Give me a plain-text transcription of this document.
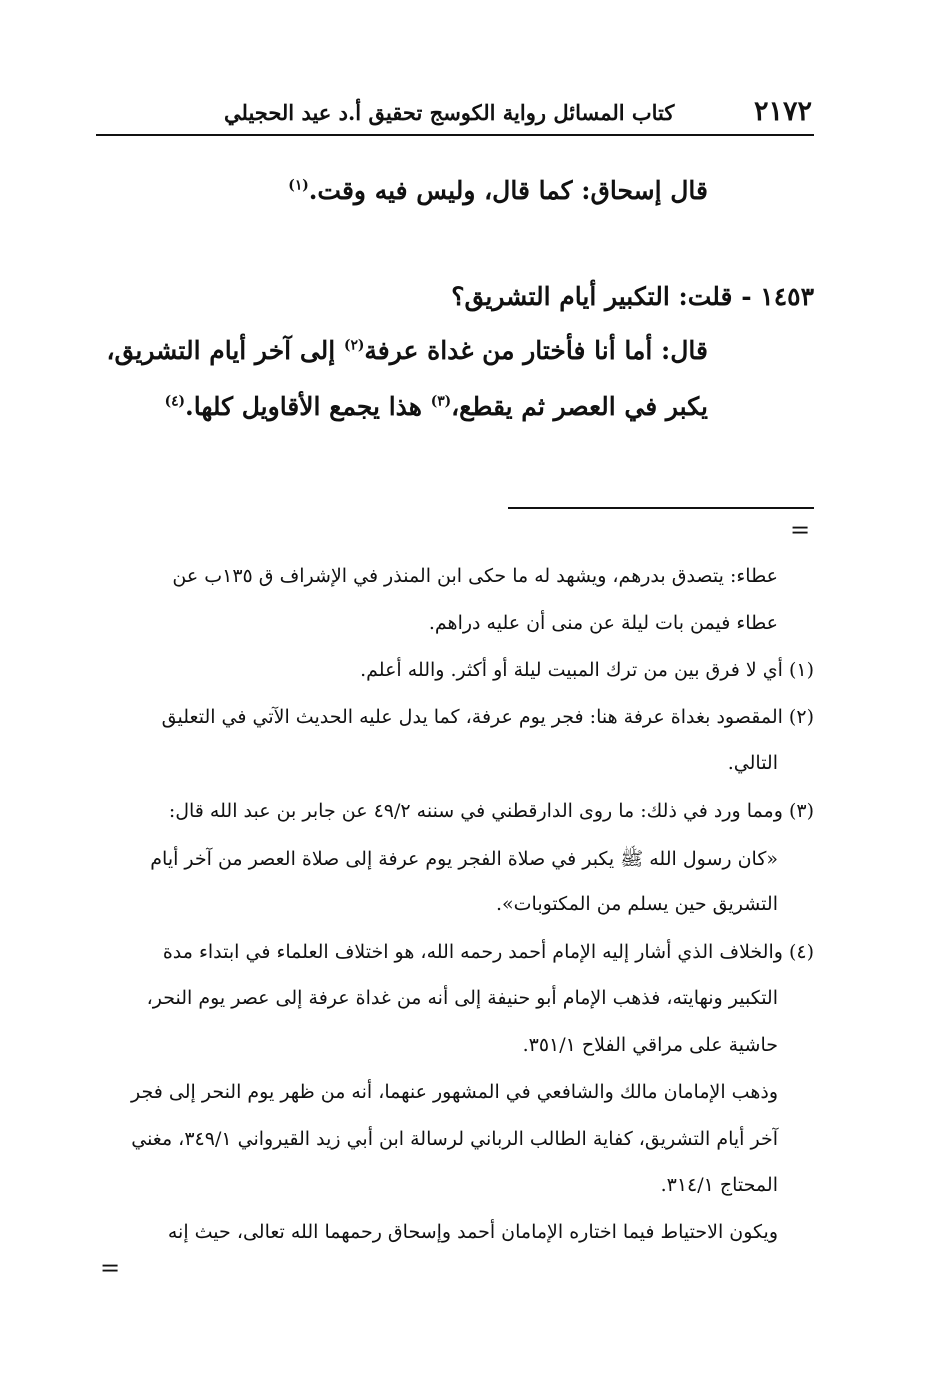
٢١٧٢
كتاب المسائل رواية الكوسج تحقيق أ.د عيد الحجيلي
قال إسحاق: كما قال، وليس فيه وقت.$^{(١)}$
١٤٥٣ - قلت: التكبير أيام التشريق؟
قال: أما أنا فأختار من غداة عرفة$^{(٢)}$ إلى آخر أيام التشريق،
يكبر في العصر ثم يقطع،$^{(٣)}$ هذا يجمع الأقاويل كلها.$^{(٤)}$
=
عطاء: يتصدق بدرهم، ويشهد له ما حكى ابن المنذر في الإشراف ق ١٣٥ب عن
عطاء فيمن بات ليلة عن منى أن عليه دراهم.
(١) أي لا فرق بين من ترك المبيت ليلة أو أكثر. والله أعلم.
(٢) المقصود بغداة عرفة هنا: فجر يوم عرفة، كما يدل عليه الحديث الآتي في التعليق
التالي.
(٣) ومما ورد في ذلك: ما روى الدارقطني في سننه ٤٩/٢ عن جابر بن عبد الله قال:
«كان رسول الله ﷺ يكبر في صلاة الفجر يوم عرفة إلى صلاة العصر من آخر أيام
التشريق حين يسلم من المكتوبات».
(٤) والخلاف الذي أشار إليه الإمام أحمد رحمه الله، هو اختلاف العلماء في ابتداء مدة
التكبير ونهايته، فذهب الإمام أبو حنيفة إلى أنه من غداة عرفة إلى عصر يوم النحر،
حاشية على مراقي الفلاح ٣٥١/١.
وذهب الإمامان مالك والشافعي في المشهور عنهما، أنه من ظهر يوم النحر إلى فجر
آخر أيام التشريق، كفاية الطالب الرباني لرسالة ابن أبي زيد القيرواني ٣٤٩/١، مغني
المحتاج ٣١٤/١.
ويكون الاحتياط فيما اختاره الإمامان أحمد وإسحاق رحمهما الله تعالى، حيث إنه
=
